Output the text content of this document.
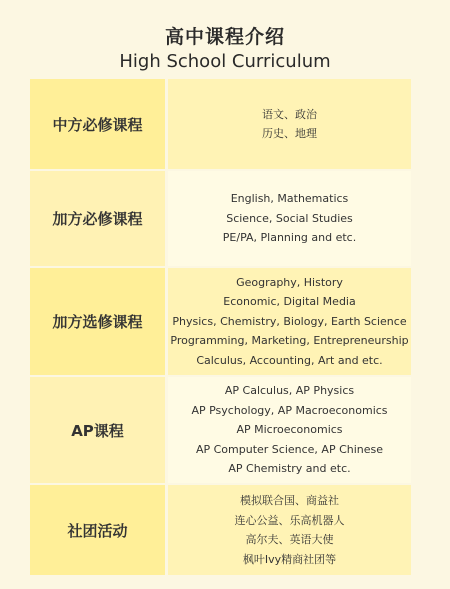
高中课程介绍
High School Curriculum
中方必修课程
语文、政治
历史、地理
加方必修课程
English, Mathematics
Science, Social Studies
PE/PA, Planning and etc.
加方选修课程
Geography, History
Economic, Digital Media
Physics, Chemistry, Biology, Earth Science
Programming, Marketing, Entrepreneurship
Calculus, Accounting, Art and etc.
AP课程
AP Calculus, AP Physics
AP Psychology, AP Macroeconomics
AP Microeconomics
AP Computer Science, AP Chinese
AP Chemistry and etc.
社团活动
模拟联合国、商益社
连心公益、乐高机器人
高尔夫、英语大使
枫叶Ivy精商社团等
